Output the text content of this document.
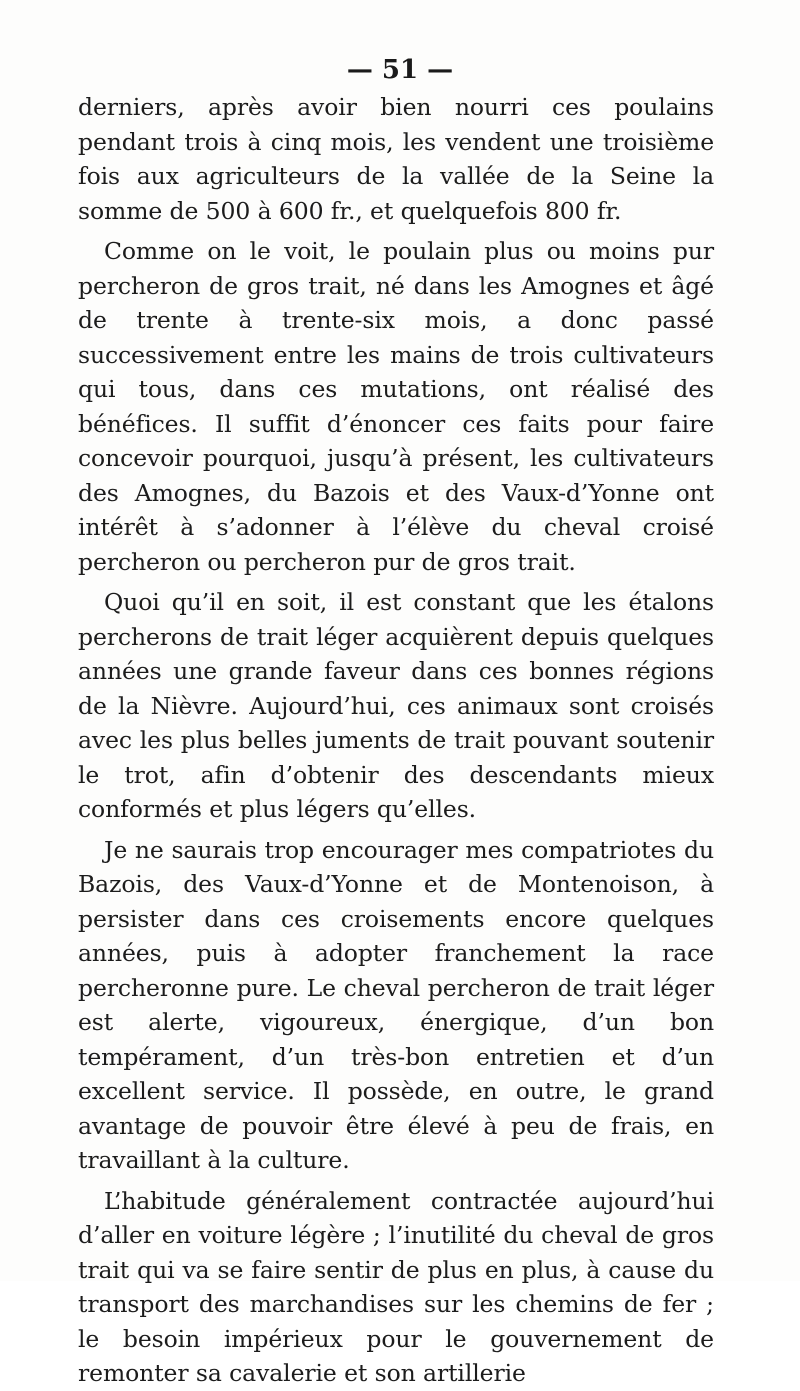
— 51 —

derniers, après avoir bien nourri ces poulains pendant trois à cinq mois, les vendent une troisième fois aux agriculteurs de la vallée de la Seine la somme de 500 à 600 fr., et quelquefois 800 fr.

Comme on le voit, le poulain plus ou moins pur percheron de gros trait, né dans les Amognes et âgé de trente à trente-six mois, a donc passé successivement entre les mains de trois cultivateurs qui tous, dans ces mutations, ont réalisé des bénéfices. Il suffit d’énoncer ces faits pour faire concevoir pourquoi, jusqu’à présent, les cultivateurs des Amognes, du Bazois et des Vaux-d’Yonne ont intérêt à s’adonner à l’élève du cheval croisé percheron ou percheron pur de gros trait.

Quoi qu’il en soit, il est constant que les étalons percherons de trait léger acquièrent depuis quelques années une grande faveur dans ces bonnes régions de la Nièvre. Aujourd’hui, ces animaux sont croisés avec les plus belles juments de trait pouvant soutenir le trot, afin d’obtenir des descendants mieux conformés et plus légers qu’elles.

Je ne saurais trop encourager mes compatriotes du Bazois, des Vaux-d’Yonne et de Montenoison, à persister dans ces croisements encore quelques années, puis à adopter franchement la race percheronne pure. Le cheval percheron de trait léger est alerte, vigoureux, énergique, d’un bon tempérament, d’un très-bon entretien et d’un excellent service. Il possède, en outre, le grand avantage de pouvoir être élevé à peu de frais, en travaillant à la culture.

L’habitude généralement contractée aujourd’hui d’aller en voiture légère ; l’inutilité du cheval de gros trait qui va se faire sentir de plus en plus, à cause du transport des marchandises sur les chemins de fer ; le besoin impérieux pour le gouvernement de remonter sa cavalerie et son artillerie
